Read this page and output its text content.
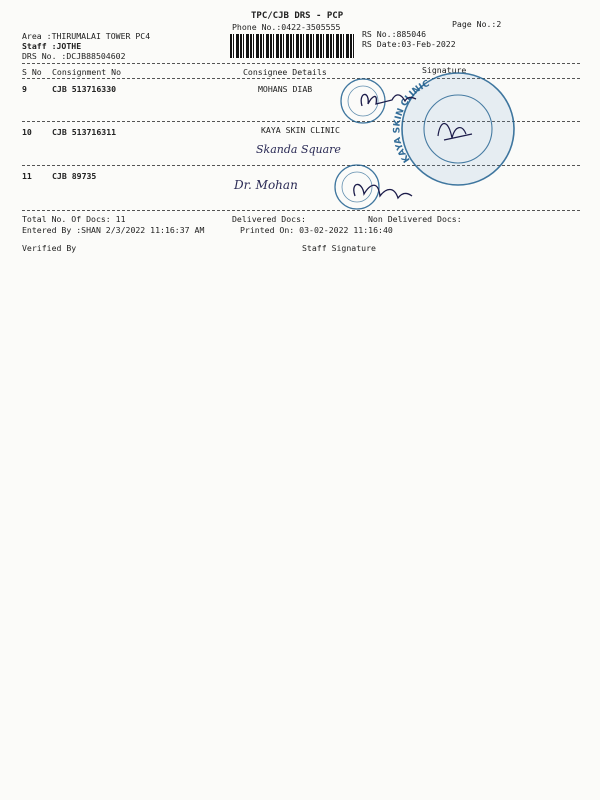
TPC/CJB DRS - PCP
Phone No.:0422-3505555	Page No.:2
Area :THIRUMALAI TOWER PC4
Staff :JOTHE
DRS No. :DCJB88504602
RS No.:885046
RS Date:03-Feb-2022
S No Consignment No	Consignee Details	Signature
9	CJB 513716330	MOHANS DIAB
10 CJB 513716311	KAYA SKIN CLINIC
Skanda Square
11 CJB 89735
Dr. Mohan
Total No. Of Docs: 11	Delivered Docs:	Non Delivered Docs:
Entered By :SHAN 2/3/2022 11:16:37 AM	Printed On: 03-02-2022 11:16:40
Verified By	Staff Signature
KAYA SKIN CLINIC
